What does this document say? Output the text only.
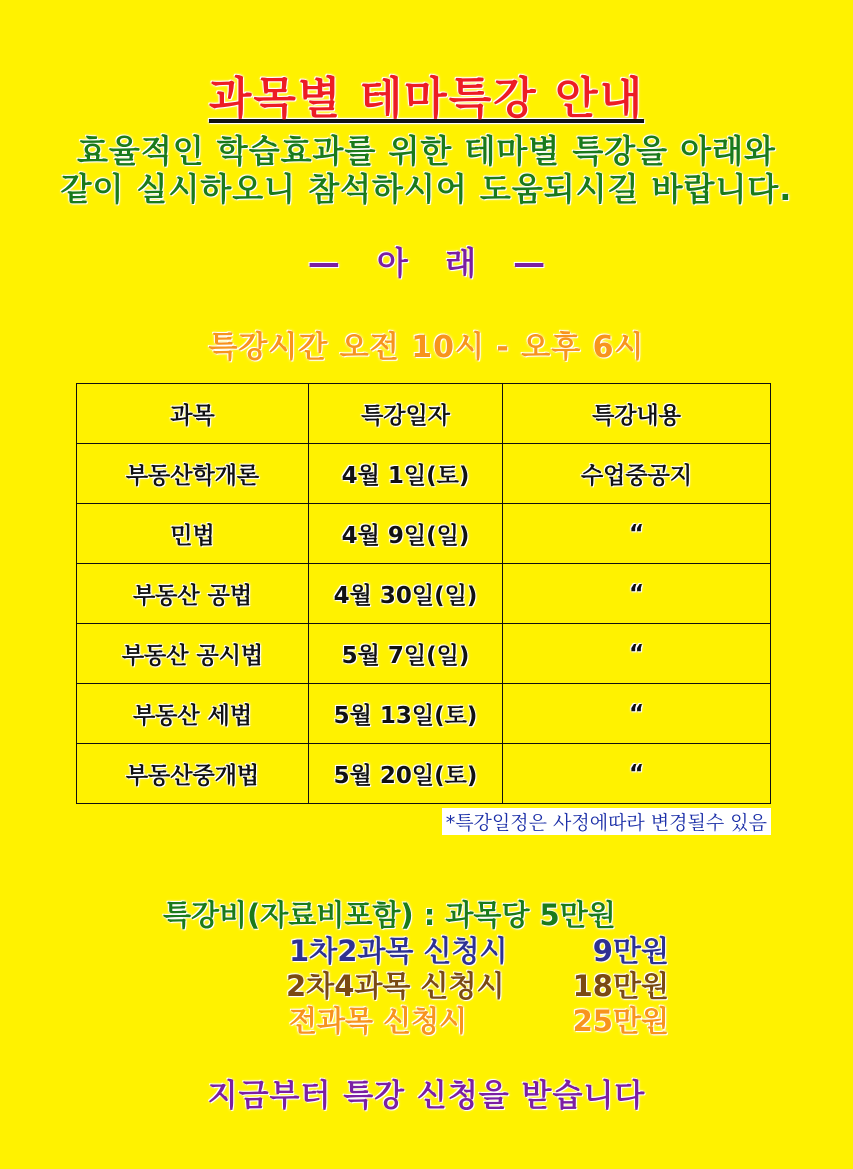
과목별 테마특강 안내
효율적인 학습효과를 위한 테마별 특강을 아래와
같이 실시하오니 참석하시어 도움되시길 바랍니다.
— 아 래 —
특강시간 오전 10시 - 오후 6시
과목	특강일자	특강내용
부동산학개론	4월 1일(토)	수업중공지
민법	4월 9일(일)	“
부동산 공법	4월 30일(일)	“
부동산 공시법	5월 7일(일)	“
부동산 세법	5월 13일(토)	“
부동산중개법	5월 20일(토)	“
*특강일정은 사정에따라 변경될수 있음
특강비(자료비포함) : 과목당 5만원
1차2과목 신청시	9만원
2차4과목 신청시 18만원
전과목 신청시	25만원
지금부터 특강 신청을 받습니다
